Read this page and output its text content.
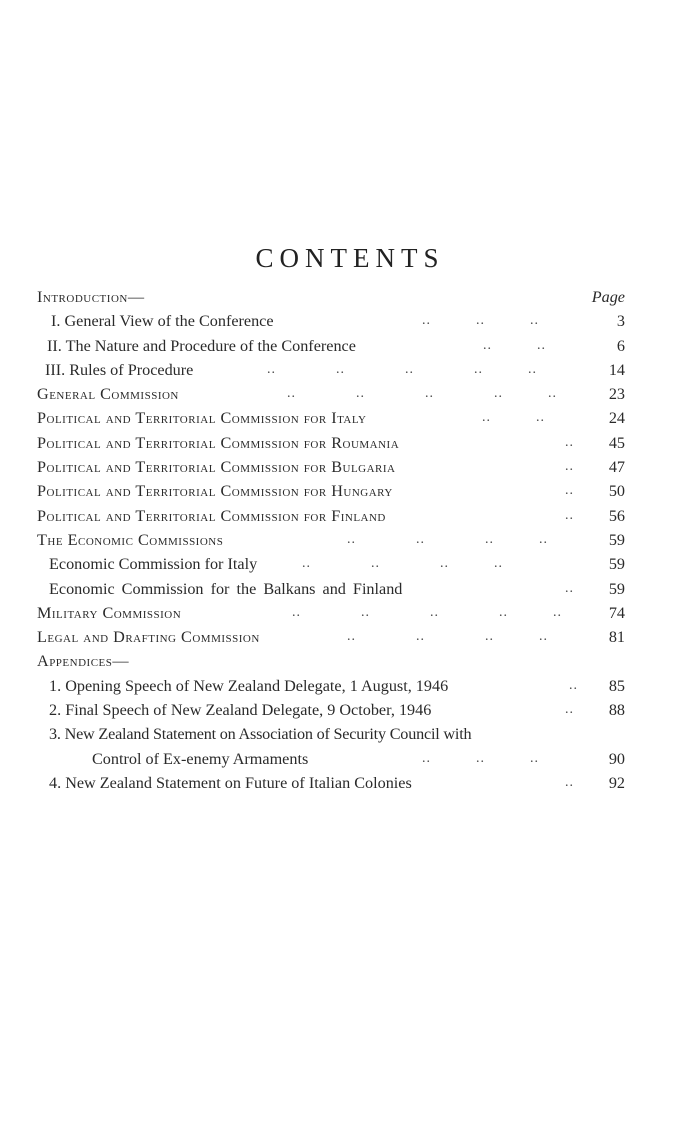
CONTENTS
Introduction—	Page
I. General View of the Conference	..   ..   ..	3
II. The Nature and Procedure of the Conference	..   ..	6
III. Rules of Procedure	..    ..    ..    ..   ..	14
General Commission	..    ..    ..    ..   ..	23
Political and Territorial Commission for Italy	..   ..	24
Political and Territorial Commission for Roumania	..	45
Political and Territorial Commission for Bulgaria	..	47
Political and Territorial Commission for Hungary	..	50
Political and Territorial Commission for Finland	..	56
The Economic Commissions	..    ..    ..   ..	59
Economic Commission for Italy	..    ..    ..   ..	59
Economic Commission for the Balkans and Finland	..	59
Military Commission	..    ..    ..    ..   ..	74
Legal and Drafting Commission	..    ..    ..   ..	81
Appendices—
1. Opening Speech of New Zealand Delegate, 1 August, 1946	..	85
2. Final Speech of New Zealand Delegate, 9 October, 1946	..	88
3. New Zealand Statement on Association of Security Council with
Control of Ex-enemy Armaments	..   ..   ..	90
4. New Zealand Statement on Future of Italian Colonies	..	92
